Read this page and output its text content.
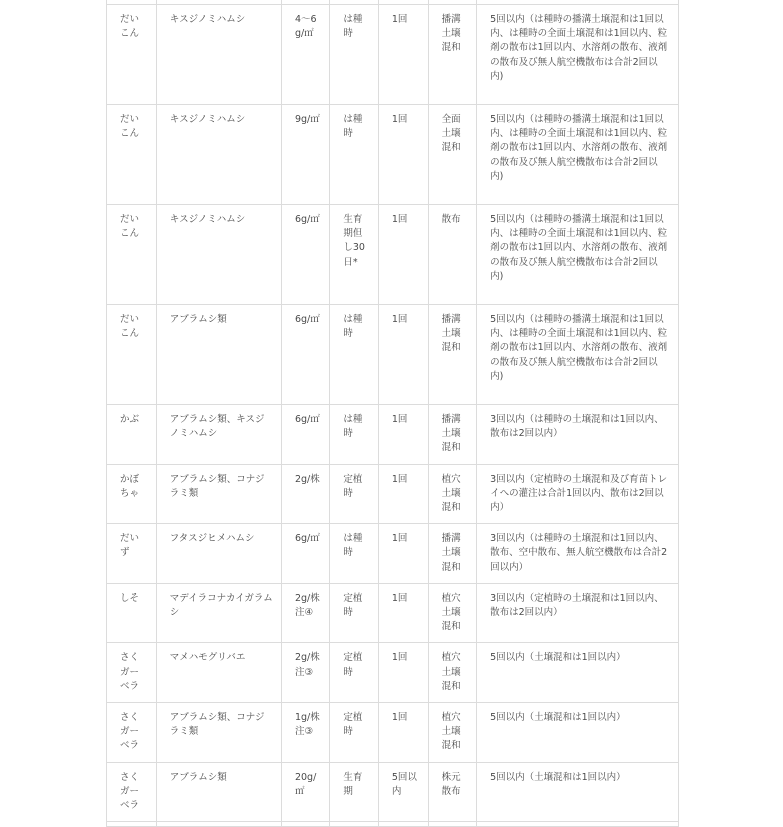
だいこん	キスジノミハムシ	4～6g/㎡	は種時	1回	播溝土壌混和	5回以内（は種時の播溝土壌混和は1回以内、は種時の全面土壌混和は1回以内、粒剤の散布は1回以内、水溶剤の散布、液剤の散布及び無人航空機散布は合計2回以内)
だいこん	キスジノミハムシ	9g/㎡	は種時	1回	全面土壌混和	5回以内（は種時の播溝土壌混和は1回以内、は種時の全面土壌混和は1回以内、粒剤の散布は1回以内、水溶剤の散布、液剤の散布及び無人航空機散布は合計2回以内)
だいこん	キスジノミハムシ	6g/㎡	生育期但し30日*	1回	散布	5回以内（は種時の播溝土壌混和は1回以内、は種時の全面土壌混和は1回以内、粒剤の散布は1回以内、水溶剤の散布、液剤の散布及び無人航空機散布は合計2回以内)
だいこん	アブラムシ類	6g/㎡	は種時	1回	播溝土壌混和	5回以内（は種時の播溝土壌混和は1回以内、は種時の全面土壌混和は1回以内、粒剤の散布は1回以内、水溶剤の散布、液剤の散布及び無人航空機散布は合計2回以内)
かぶ	アブラムシ類、キスジノミハムシ	6g/㎡	は種時	1回	播溝土壌混和	3回以内（は種時の土壌混和は1回以内、散布は2回以内）
かぼちゃ	アブラムシ類、コナジラミ類	2g/株	定植時	1回	植穴土壌混和	3回以内（定植時の土壌混和及び育苗トレイへの灌注は合計1回以内、散布は2回以内）
だいず	フタスジヒメハムシ	6g/㎡	は種時	1回	播溝土壌混和	3回以内（は種時の土壌混和は1回以内、散布、空中散布、無人航空機散布は合計2回以内）
しそ	マデイラコナカイガラムシ	2g/株注④	定植時	1回	植穴土壌混和	3回以内（定植時の土壌混和は1回以内、散布は2回以内）
さくガーベラ	マメハモグリバエ	2g/株注③	定植時	1回	植穴土壌混和	5回以内（土壌混和は1回以内）
さくガーベラ	アブラムシ類、コナジラミ類	1g/株注③	定植時	1回	植穴土壌混和	5回以内（土壌混和は1回以内）
さくガーベラ	アブラムシ類	20g/㎡	生育期	5回以内	株元散布	5回以内（土壌混和は1回以内）
